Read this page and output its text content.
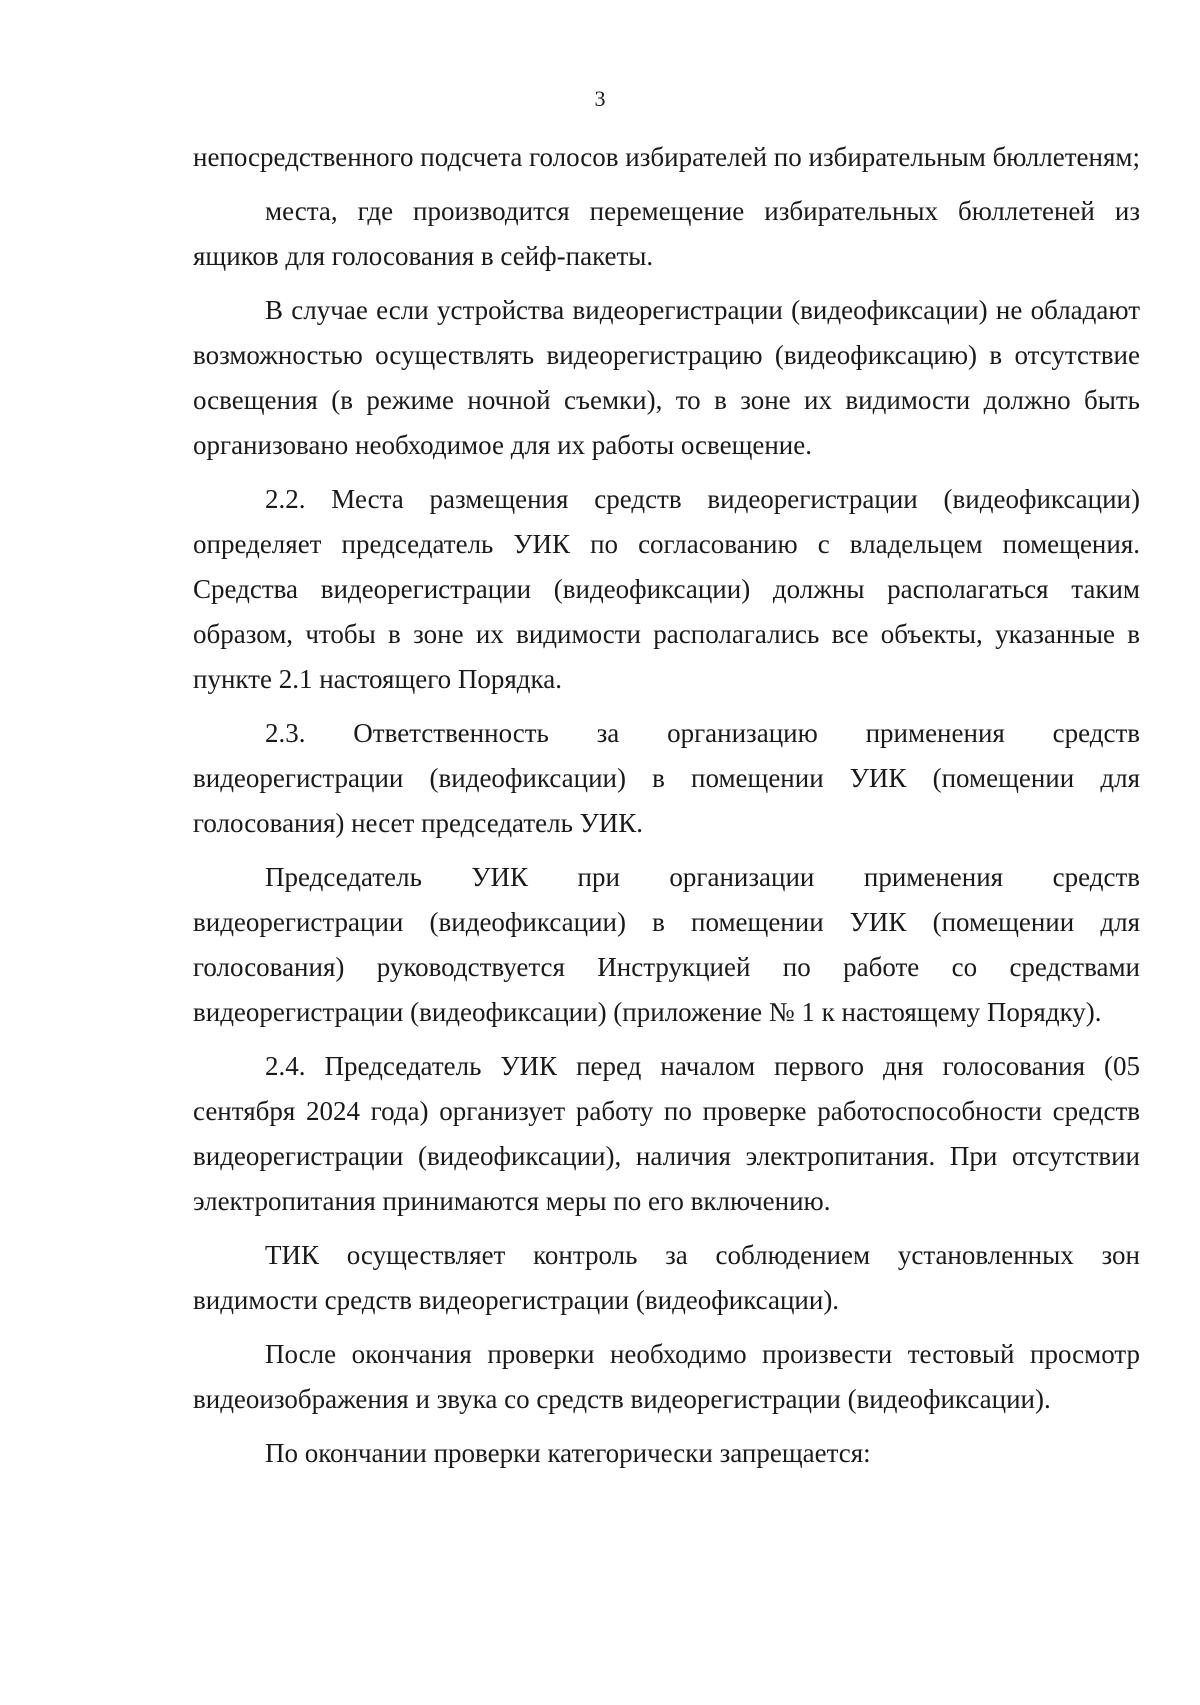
3

непосредственного подсчета голосов избирателей по избирательным бюллетеням;

места, где производится перемещение избирательных бюллетеней из ящиков для голосования в сейф-пакеты.

В случае если устройства видеорегистрации (видеофиксации) не обладают возможностью осуществлять видеорегистрацию (видеофиксацию) в отсутствие освещения (в режиме ночной съемки), то в зоне их видимости должно быть организовано необходимое для их работы освещение.

2.2. Места размещения средств видеорегистрации (видеофиксации) определяет председатель УИК по согласованию с владельцем помещения. Средства видеорегистрации (видеофиксации) должны располагаться таким образом, чтобы в зоне их видимости располагались все объекты, указанные в пункте 2.1 настоящего Порядка.

2.3. Ответственность за организацию применения средств видеорегистрации (видеофиксации) в помещении УИК (помещении для голосования) несет председатель УИК.

Председатель УИК при организации применения средств видеорегистрации (видеофиксации) в помещении УИК (помещении для голосования) руководствуется Инструкцией по работе со средствами видеорегистрации (видеофиксации) (приложение № 1 к настоящему Порядку).

2.4. Председатель УИК перед началом первого дня голосования (05 сентября 2024 года) организует работу по проверке работоспособности средств видеорегистрации (видеофиксации), наличия электропитания. При отсутствии электропитания принимаются меры по его включению.

ТИК осуществляет контроль за соблюдением установленных зон видимости средств видеорегистрации (видеофиксации).

После окончания проверки необходимо произвести тестовый просмотр видеоизображения и звука со средств видеорегистрации (видеофиксации).

По окончании проверки категорически запрещается:
